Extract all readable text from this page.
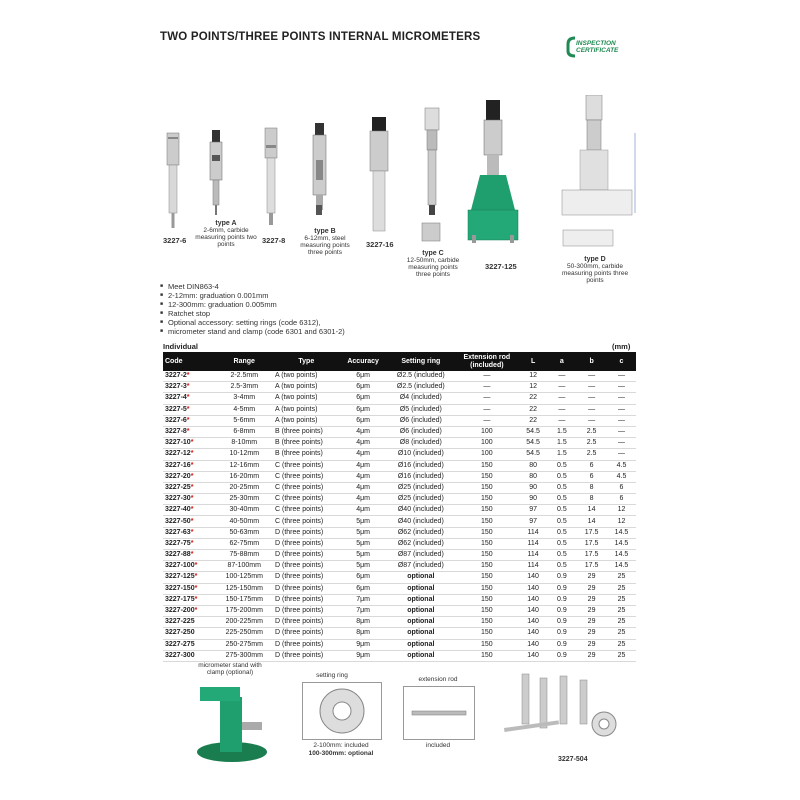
TWO POINTS/THREE POINTS INTERNAL MICROMETERS
INSPECTION
CERTIFICATE
3227-6
type A
2-6mm, carbide measuring points two points	3227-8
type B
6-12mm, steel measuring points three points
3227-16
type C
12-50mm, carbide measuring points three points
3227-125
type D
50-300mm, carbide measuring points three points
■ Meet DIN863-4
■ 2-12mm: graduation 0.001mm
■ 12-300mm: graduation 0.005mm
■ Ratchet stop
■ Optional accessory: setting rings (code 6312),
■ micrometer stand and clamp (code 6301 and 6301-2)
Individual	(mm)
Code	Range	Type	Accuracy	Setting ring	Extension rod (included)	L	a	b	c
3227-2*	2-2.5mm	A (two points)	6μm	Ø2.5 (included)	—	12	—	—	—
3227-3*	2.5-3mm	A (two points)	6μm	Ø2.5 (included)	—	12	—	—	—
3227-4*	3-4mm	A (two points)	6μm	Ø4 (included)	—	22	—	—	—
3227-5*	4-5mm	A (two points)	6μm	Ø5 (included)	—	22	—	—	—
3227-6*	5-6mm	A (two points)	6μm	Ø6 (included)	—	22	—	—	—
3227-8*	6-8mm	B (three points)	4μm	Ø6 (included)	100	54.5	1.5	2.5	—
3227-10*	8-10mm	B (three points)	4μm	Ø8 (included)	100	54.5	1.5	2.5	—
3227-12*	10-12mm	B (three points)	4μm	Ø10 (included)	100	54.5	1.5	2.5	—
3227-16*	12-16mm	C (three points)	4μm	Ø16 (included)	150	80	0.5	6	4.5
3227-20*	16-20mm	C (three points)	4μm	Ø16 (included)	150	80	0.5	6	4.5
3227-25*	20-25mm	C (three points)	4μm	Ø25 (included)	150	90	0.5	8	6
3227-30*	25-30mm	C (three points)	4μm	Ø25 (included)	150	90	0.5	8	6
3227-40*	30-40mm	C (three points)	4μm	Ø40 (included)	150	97	0.5	14	12
3227-50*	40-50mm	C (three points)	5μm	Ø40 (included)	150	97	0.5	14	12
3227-63*	50-63mm	D (three points)	5μm	Ø62 (included)	150	114	0.5	17.5	14.5
3227-75*	62-75mm	D (three points)	5μm	Ø62 (included)	150	114	0.5	17.5	14.5
3227-88*	75-88mm	D (three points)	5μm	Ø87 (included)	150	114	0.5	17.5	14.5
3227-100*	87-100mm	D (three points)	5μm	Ø87 (included)	150	114	0.5	17.5	14.5
3227-125*	100-125mm	D (three points)	6μm	optional	150	140	0.9	29	25
3227-150*	125-150mm	D (three points)	6μm	optional	150	140	0.9	29	25
3227-175*	150-175mm	D (three points)	7μm	optional	150	140	0.9	29	25
3227-200*	175-200mm	D (three points)	7μm	optional	150	140	0.9	29	25
3227-225	200-225mm	D (three points)	8μm	optional	150	140	0.9	29	25
3227-250	225-250mm	D (three points)	8μm	optional	150	140	0.9	29	25
3227-275	250-275mm	D (three points)	9μm	optional	150	140	0.9	29	25
3227-300	275-300mm	D (three points)	9μm	optional	150	140	0.9	29	25
micrometer stand with clamp (optional)	setting ring
2-100mm: included
100-300mm: optional
extension rod
included
3227-504
